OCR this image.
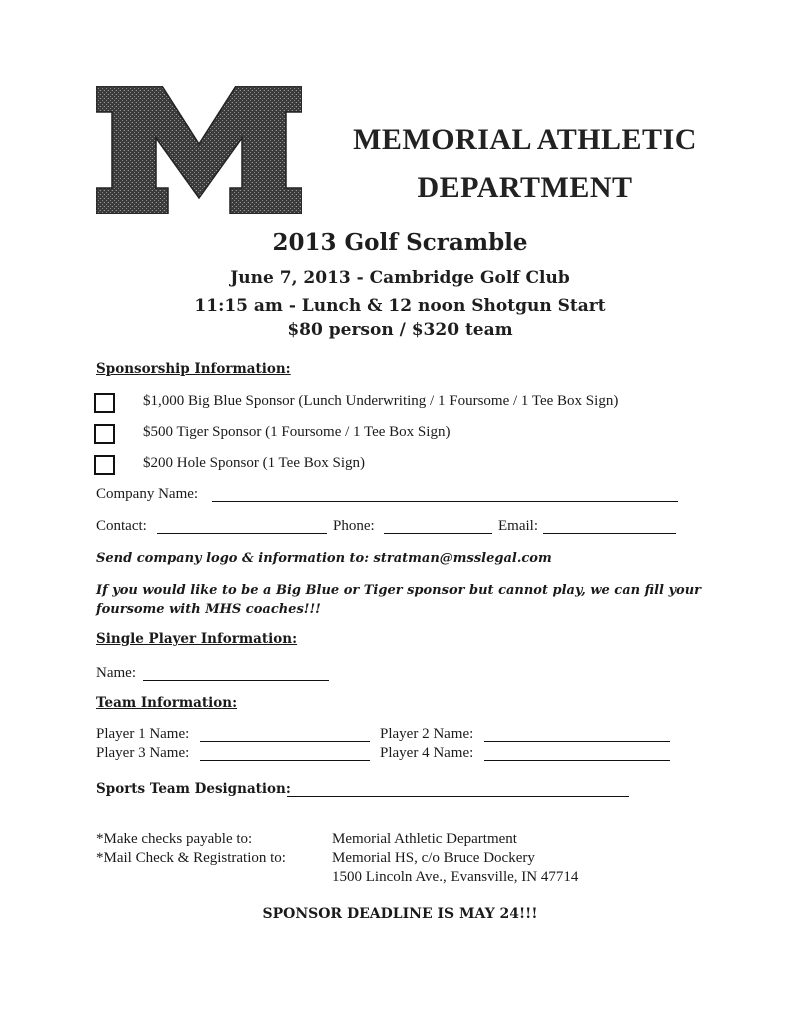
MEMORIAL ATHLETIC
DEPARTMENT
2013 Golf Scramble
June 7, 2013 - Cambridge Golf Club
11:15 am - Lunch & 12 noon Shotgun Start
$80 person / $320 team
Sponsorship Information:
$1,000 Big Blue Sponsor (Lunch Underwriting / 1 Foursome / 1 Tee Box Sign)
$500 Tiger Sponsor (1 Foursome / 1 Tee Box Sign)
$200 Hole Sponsor (1 Tee Box Sign)
Company Name:
Contact:	Phone:	Email:
Send company logo & information to: stratman@msslegal.com
If you would like to be a Big Blue or Tiger sponsor but cannot play, we can fill your
foursome with MHS coaches!!!
Single Player Information:
Name:
Team Information:
Player 1 Name:	Player 2 Name:
Player 3 Name:	Player 4 Name:
Sports Team Designation:
*Make checks payable to:	Memorial Athletic Department
*Mail Check & Registration to:	Memorial HS, c/o Bruce Dockery
1500 Lincoln Ave., Evansville, IN 47714
SPONSOR DEADLINE IS MAY 24!!!
